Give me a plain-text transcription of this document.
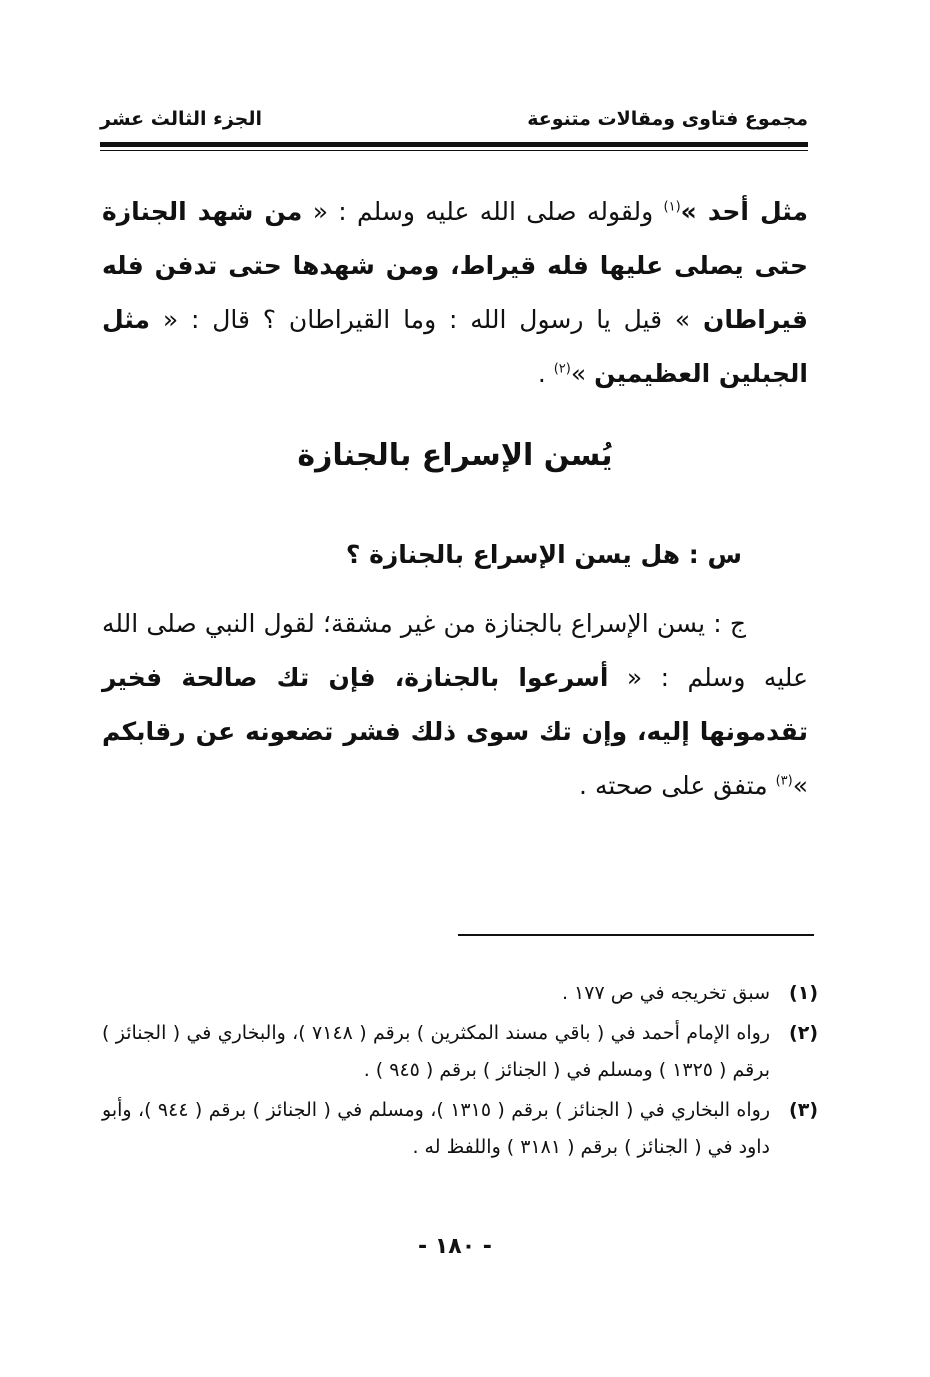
مجموع فتاوى ومقالات متنوعة
الجزء الثالث عشر
مثل أحد »$^{(١)}$ ولقوله صلى الله عليه وسلم : « من شهد الجنازة حتى يصلى عليها فله قيراط، ومن شهدها حتى تدفن فله قيراطان » قيل يا رسول الله : وما القيراطان ؟ قال : « مثل الجبلين العظيمين »$^{(٢)}$ .
يُسن الإسراع بالجنازة
س : هل يسن الإسراع بالجنازة ؟
ج : يسن الإسراع بالجنازة من غير مشقة؛ لقول النبي صلى الله عليه وسلم : « أسرعوا بالجنازة، فإن تك صالحة فخير تقدمونها إليه، وإن تك سوى ذلك فشر تضعونه عن رقابكم »$^{(٣)}$ متفق على صحته .
(١)
سبق تخريجه في ص ١٧٧ .
(٢)
رواه الإمام أحمد في ( باقي مسند المكثرين ) برقم ( ٧١٤٨ )، والبخاري في ( الجنائز ) برقم ( ١٣٢٥ ) ومسلم في ( الجنائز ) برقم ( ٩٤٥ ) .
(٣)
رواه البخاري في ( الجنائز ) برقم ( ١٣١٥ )، ومسلم في ( الجنائز ) برقم ( ٩٤٤ )، وأبو داود في ( الجنائز ) برقم ( ٣١٨١ ) واللفظ له .
- ١٨٠ -
